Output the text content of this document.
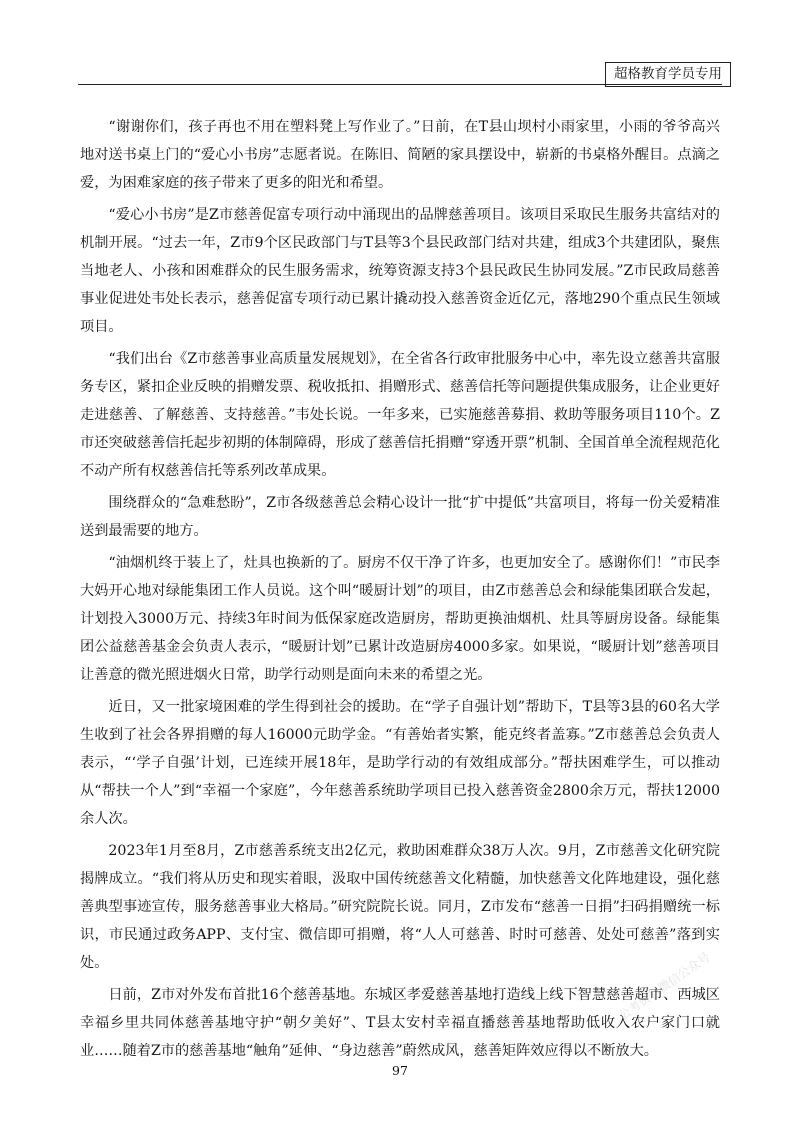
超格教育学员专用

“谢谢你们，孩子再也不用在塑料凳上写作业了。”日前，在T县山坝村小雨家里，小雨的爷爷高兴地对送书桌上门的“爱心小书房”志愿者说。在陈旧、简陋的家具摆设中，崭新的书桌格外醒目。点滴之爱，为困难家庭的孩子带来了更多的阳光和希望。

“爱心小书房”是Z市慈善促富专项行动中涌现出的品牌慈善项目。该项目采取民生服务共富结对的机制开展。“过去一年，Z市9个区民政部门与T县等3个县民政部门结对共建，组成3个共建团队，聚焦当地老人、小孩和困难群众的民生服务需求，统筹资源支持3个县民政民生协同发展。”Z市民政局慈善事业促进处韦处长表示，慈善促富专项行动已累计撬动投入慈善资金近亿元，落地290个重点民生领域项目。

“我们出台《Z市慈善事业高质量发展规划》，在全省各行政审批服务中心中，率先设立慈善共富服务专区，紧扣企业反映的捐赠发票、税收抵扣、捐赠形式、慈善信托等问题提供集成服务，让企业更好走进慈善、了解慈善、支持慈善。”韦处长说。一年多来，已实施慈善募捐、救助等服务项目110个。Z市还突破慈善信托起步初期的体制障碍，形成了慈善信托捐赠“穿透开票”机制、全国首单全流程规范化不动产所有权慈善信托等系列改革成果。

围绕群众的“急难愁盼”，Z市各级慈善总会精心设计一批“扩中提低”共富项目，将每一份关爱精准送到最需要的地方。

“油烟机终于装上了，灶具也换新的了。厨房不仅干净了许多，也更加安全了。感谢你们！”市民李大妈开心地对绿能集团工作人员说。这个叫“暖厨计划”的项目，由Z市慈善总会和绿能集团联合发起，计划投入3000万元、持续3年时间为低保家庭改造厨房，帮助更换油烟机、灶具等厨房设备。绿能集团公益慈善基金会负责人表示，“暖厨计划”已累计改造厨房4000多家。如果说，“暖厨计划”慈善项目让善意的微光照进烟火日常，助学行动则是面向未来的希望之光。

近日，又一批家境困难的学生得到社会的援助。在“学子自强计划”帮助下，T县等3县的60名大学生收到了社会各界捐赠的每人16000元助学金。“有善始者实繁，能克终者盖寡。”Z市慈善总会负责人表示，“‘学子自强’计划，已连续开展18年，是助学行动的有效组成部分。”帮扶困难学生，可以推动从“帮扶一个人”到“幸福一个家庭”，今年慈善系统助学项目已投入慈善资金2800余万元，帮扶12000余人次。

2023年1月至8月，Z市慈善系统支出2亿元，救助困难群众38万人次。9月，Z市慈善文化研究院揭牌成立。“我们将从历史和现实着眼，汲取中国传统慈善文化精髓，加快慈善文化阵地建设，强化慈善典型事迹宣传，服务慈善事业大格局。”研究院院长说。同月，Z市发布“慈善一日捐”扫码捐赠统一标识，市民通过政务APP、支付宝、微信即可捐赠，将“人人可慈善、时时可慈善、处处可慈善”落到实处。

日前，Z市对外发布首批16个慈善基地。东城区孝爱慈善基地打造线上线下智慧慈善超市、西城区幸福乡里共同体慈善基地守护“朝夕美好”、T县太安村幸福直播慈善基地帮助低收入农户家门口就业……随着Z市的慈善基地“触角”延伸、“身边慈善”蔚然成风，慈善矩阵效应得以不断放大。

公考资料微信公众号
97
